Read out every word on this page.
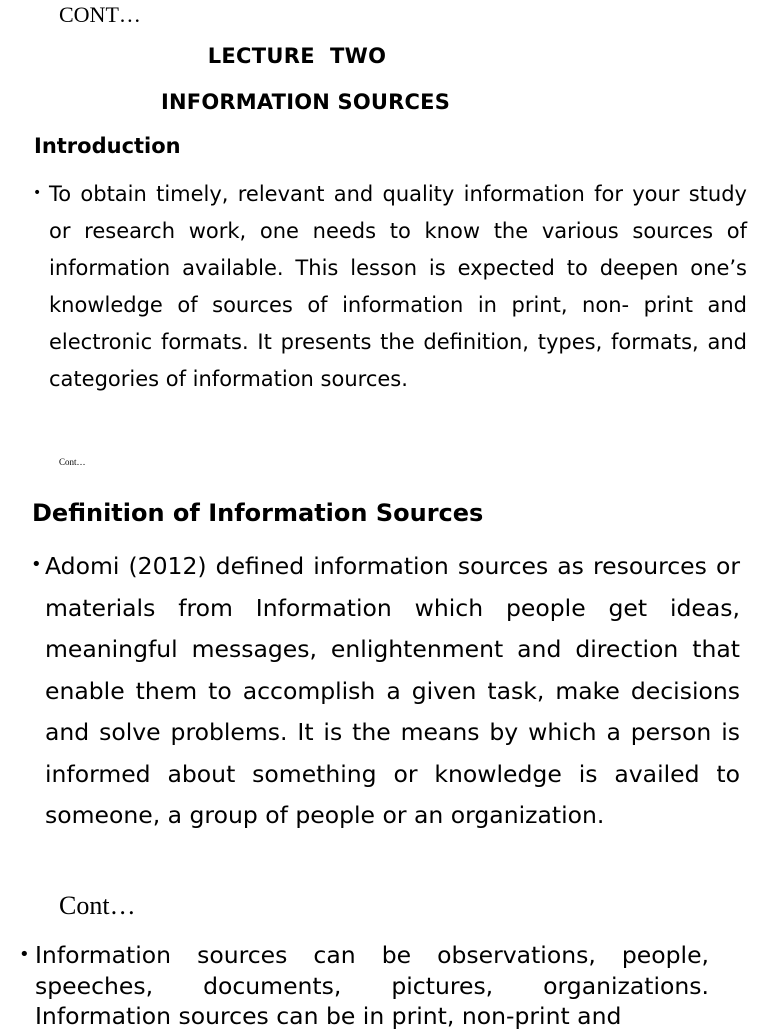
CONT…
LECTURE  TWO
INFORMATION SOURCES
Introduction
• To obtain timely, relevant and quality information for your study or research work, one needs to know the various sources of information available. This lesson is expected to deepen one’s knowledge of sources of information in print, non- print and electronic formats. It presents the definition, types, formats, and categories of information sources.
Cont…
Definition of Information Sources
• Adomi (2012) defined information sources as resources or materials from Information which people get ideas, meaningful messages, enlightenment and direction that enable them to accomplish a given task, make decisions and solve problems. It is the means by which a person is informed about something or knowledge is availed to someone, a group of people or an organization.
Cont…
• Information sources can be observations, people, speeches, documents, pictures, organizations. Information sources can be in print, non-print and
